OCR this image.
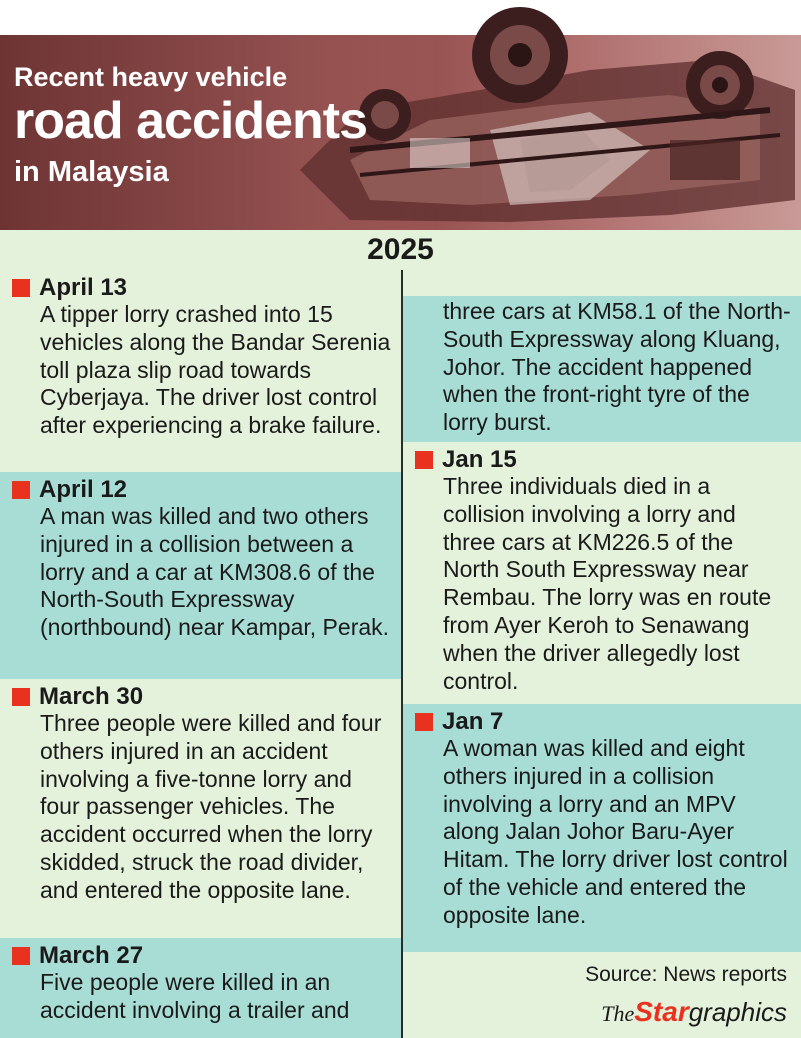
Recent heavy vehicle

road accidents

in Malaysia

2025

April 13

A tipper lorry crashed into 15 vehicles along the Bandar Serenia toll plaza slip road towards Cyberjaya. The driver lost control after experiencing a brake failure.

April 12

A man was killed and two others injured in a collision between a lorry and a car at KM308.6 of the North-South Expressway (northbound) near Kampar, Perak.

March 30

Three people were killed and four others injured in an accident involving a five-tonne lorry and four passenger vehicles. The accident occurred when the lorry skidded, struck the road divider, and entered the opposite lane.

March 27

Five people were killed in an accident involving a trailer and

three cars at KM58.1 of the North-South Expressway along Kluang, Johor. The accident happened when the front-right tyre of the lorry burst.

Jan 15

Three individuals died in a collision involving a lorry and three cars at KM226.5 of the North South Expressway near Rembau. The lorry was en route from Ayer Keroh to Senawang when the driver allegedly lost control.

Jan 7

A woman was killed and eight others injured in a collision involving a lorry and an MPV along Jalan Johor Baru-Ayer Hitam. The lorry driver lost control of the vehicle and entered the opposite lane.

Source: News reports
TheStargraphics
